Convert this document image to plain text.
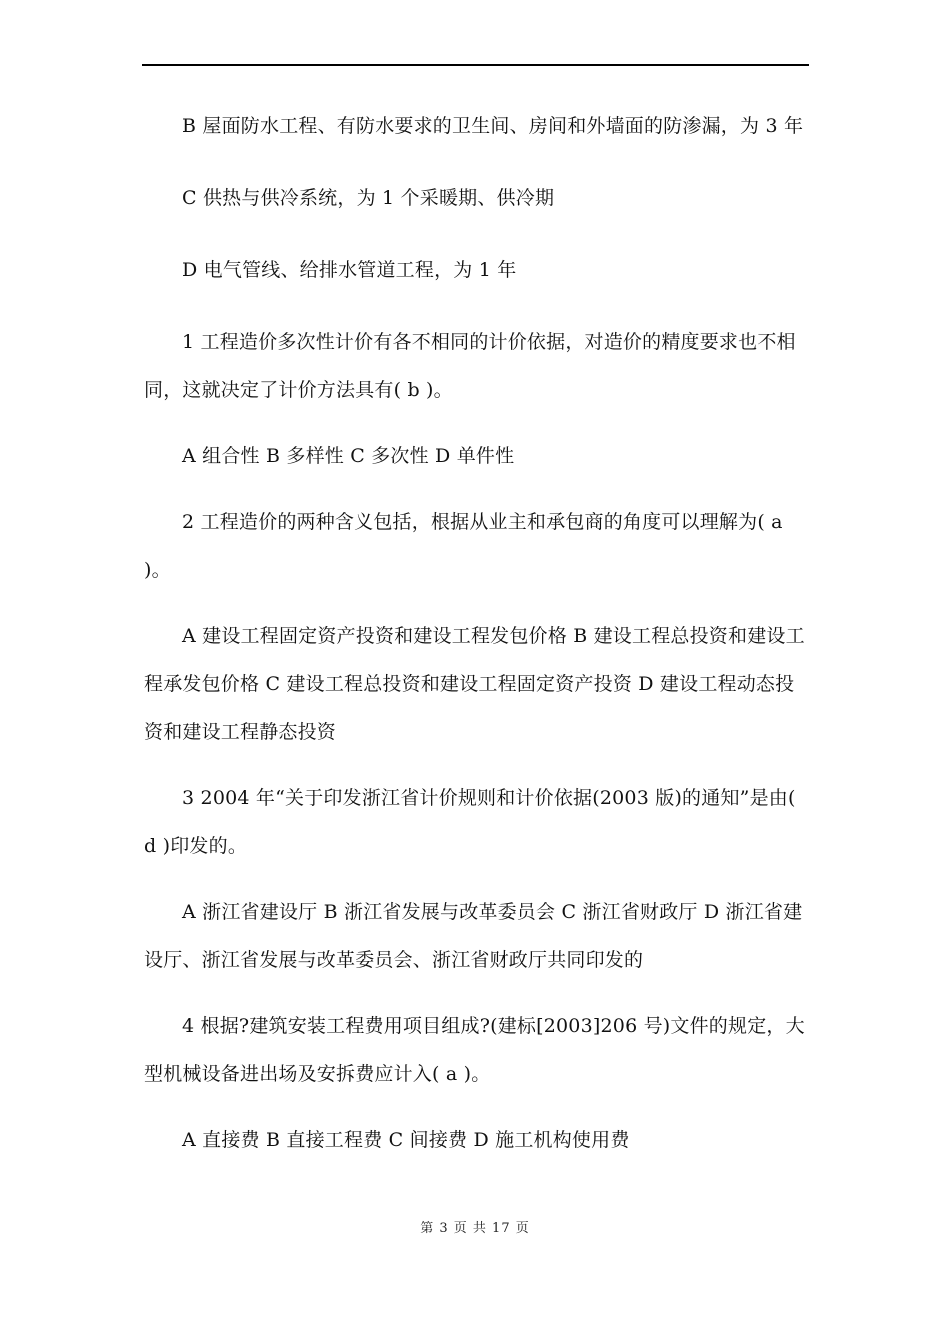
B 屋面防水工程、有防水要求的卫生间、房间和外墙面的防渗漏，为 3 年

C 供热与供冷系统，为 1 个采暖期、供冷期

D 电气管线、给排水管道工程，为 1 年

1 工程造价多次性计价有各不相同的计价依据，对造价的精度要求也不相同，这就决定了计价方法具有( b )。

A 组合性 B 多样性 C 多次性 D 单件性

2 工程造价的两种含义包括，根据从业主和承包商的角度可以理解为( a )。

A 建设工程固定资产投资和建设工程发包价格 B 建设工程总投资和建设工程承发包价格 C 建设工程总投资和建设工程固定资产投资 D 建设工程动态投资和建设工程静态投资

3 2004 年“关于印发浙江省计价规则和计价依据(2003 版)的通知”是由( d )印发的。

A 浙江省建设厅 B 浙江省发展与改革委员会 C 浙江省财政厅 D 浙江省建设厅、浙江省发展与改革委员会、浙江省财政厅共同印发的

4 根据?建筑安装工程费用项目组成?(建标[2003]206 号)文件的规定，大型机械设备进出场及安拆费应计入( a )。

A 直接费 B 直接工程费 C 间接费 D 施工机构使用费

第 3 页 共 17 页
